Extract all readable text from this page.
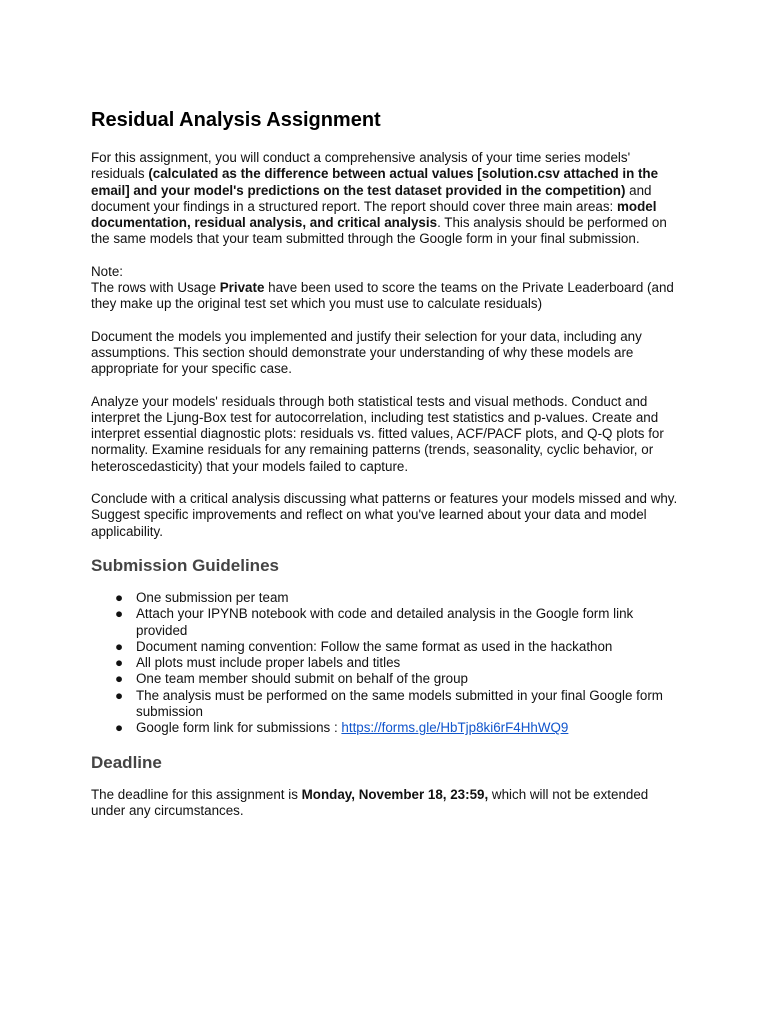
Residual Analysis Assignment

For this assignment, you will conduct a comprehensive analysis of your time series models' residuals (calculated as the difference between actual values [solution.csv attached in the email] and your model's predictions on the test dataset provided in the competition) and document your findings in a structured report. The report should cover three main areas: model documentation, residual analysis, and critical analysis. This analysis should be performed on the same models that your team submitted through the Google form in your final submission.

Note:
The rows with Usage Private have been used to score the teams on the Private Leaderboard (and they make up the original test set which you must use to calculate residuals)

Document the models you implemented and justify their selection for your data, including any assumptions. This section should demonstrate your understanding of why these models are appropriate for your specific case.

Analyze your models' residuals through both statistical tests and visual methods. Conduct and interpret the Ljung-Box test for autocorrelation, including test statistics and p-values. Create and interpret essential diagnostic plots: residuals vs. fitted values, ACF/PACF plots, and Q-Q plots for normality. Examine residuals for any remaining patterns (trends, seasonality, cyclic behavior, or heteroscedasticity) that your models failed to capture.

Conclude with a critical analysis discussing what patterns or features your models missed and why. Suggest specific improvements and reflect on what you've learned about your data and model applicability.

Submission Guidelines
● One submission per team
● Attach your IPYNB notebook with code and detailed analysis in the Google form link provided
● Document naming convention: Follow the same format as used in the hackathon
● All plots must include proper labels and titles
● One team member should submit on behalf of the group
● The analysis must be performed on the same models submitted in your final Google form submission
● Google form link for submissions : https://forms.gle/HbTjp8ki6rF4HhWQ9
Deadline

The deadline for this assignment is Monday, November 18, 23:59, which will not be extended under any circumstances.
